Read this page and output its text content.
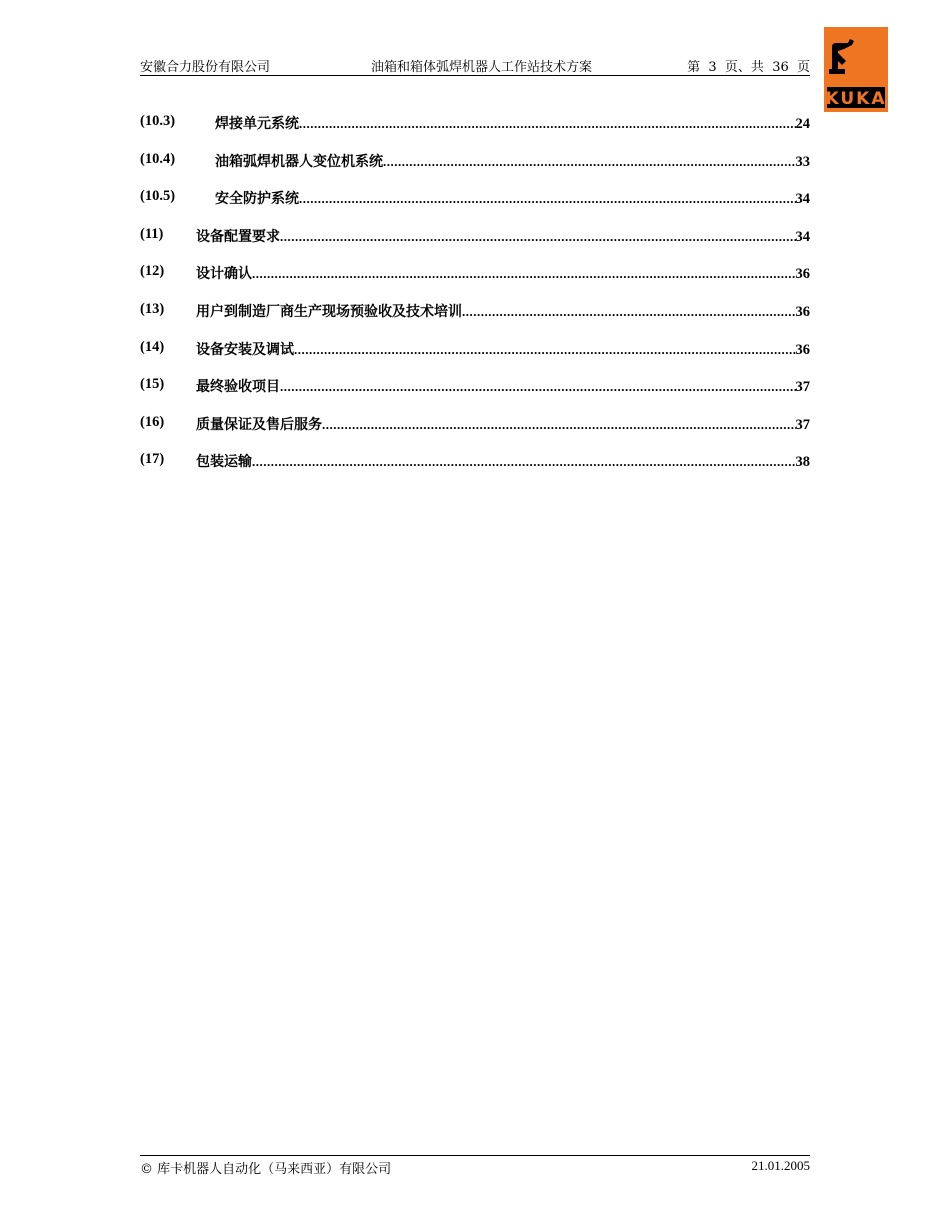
安徽合力股份有限公司	油箱和箱体弧焊机器人工作站技术方案	第  3  页、共  36  页
KUKA
(10.3)	焊接单元系统 .....	24
(10.4)	油箱弧焊机器人变位机系统 .....	33
(10.5)	安全防护系统 .....	34
(11) 设备配置要求 .....	34
(12) 设计确认 .....	36
(13) 用户到制造厂商生产现场预验收及技术培训 .....	36
(14) 设备安装及调试 .....	36
(15) 最终验收项目 .....	37
(16) 质量保证及售后服务 .....	37
(17) 包装运输 .....	38
© 库卡机器人自动化（马来西亚）有限公司	21.01.2005
